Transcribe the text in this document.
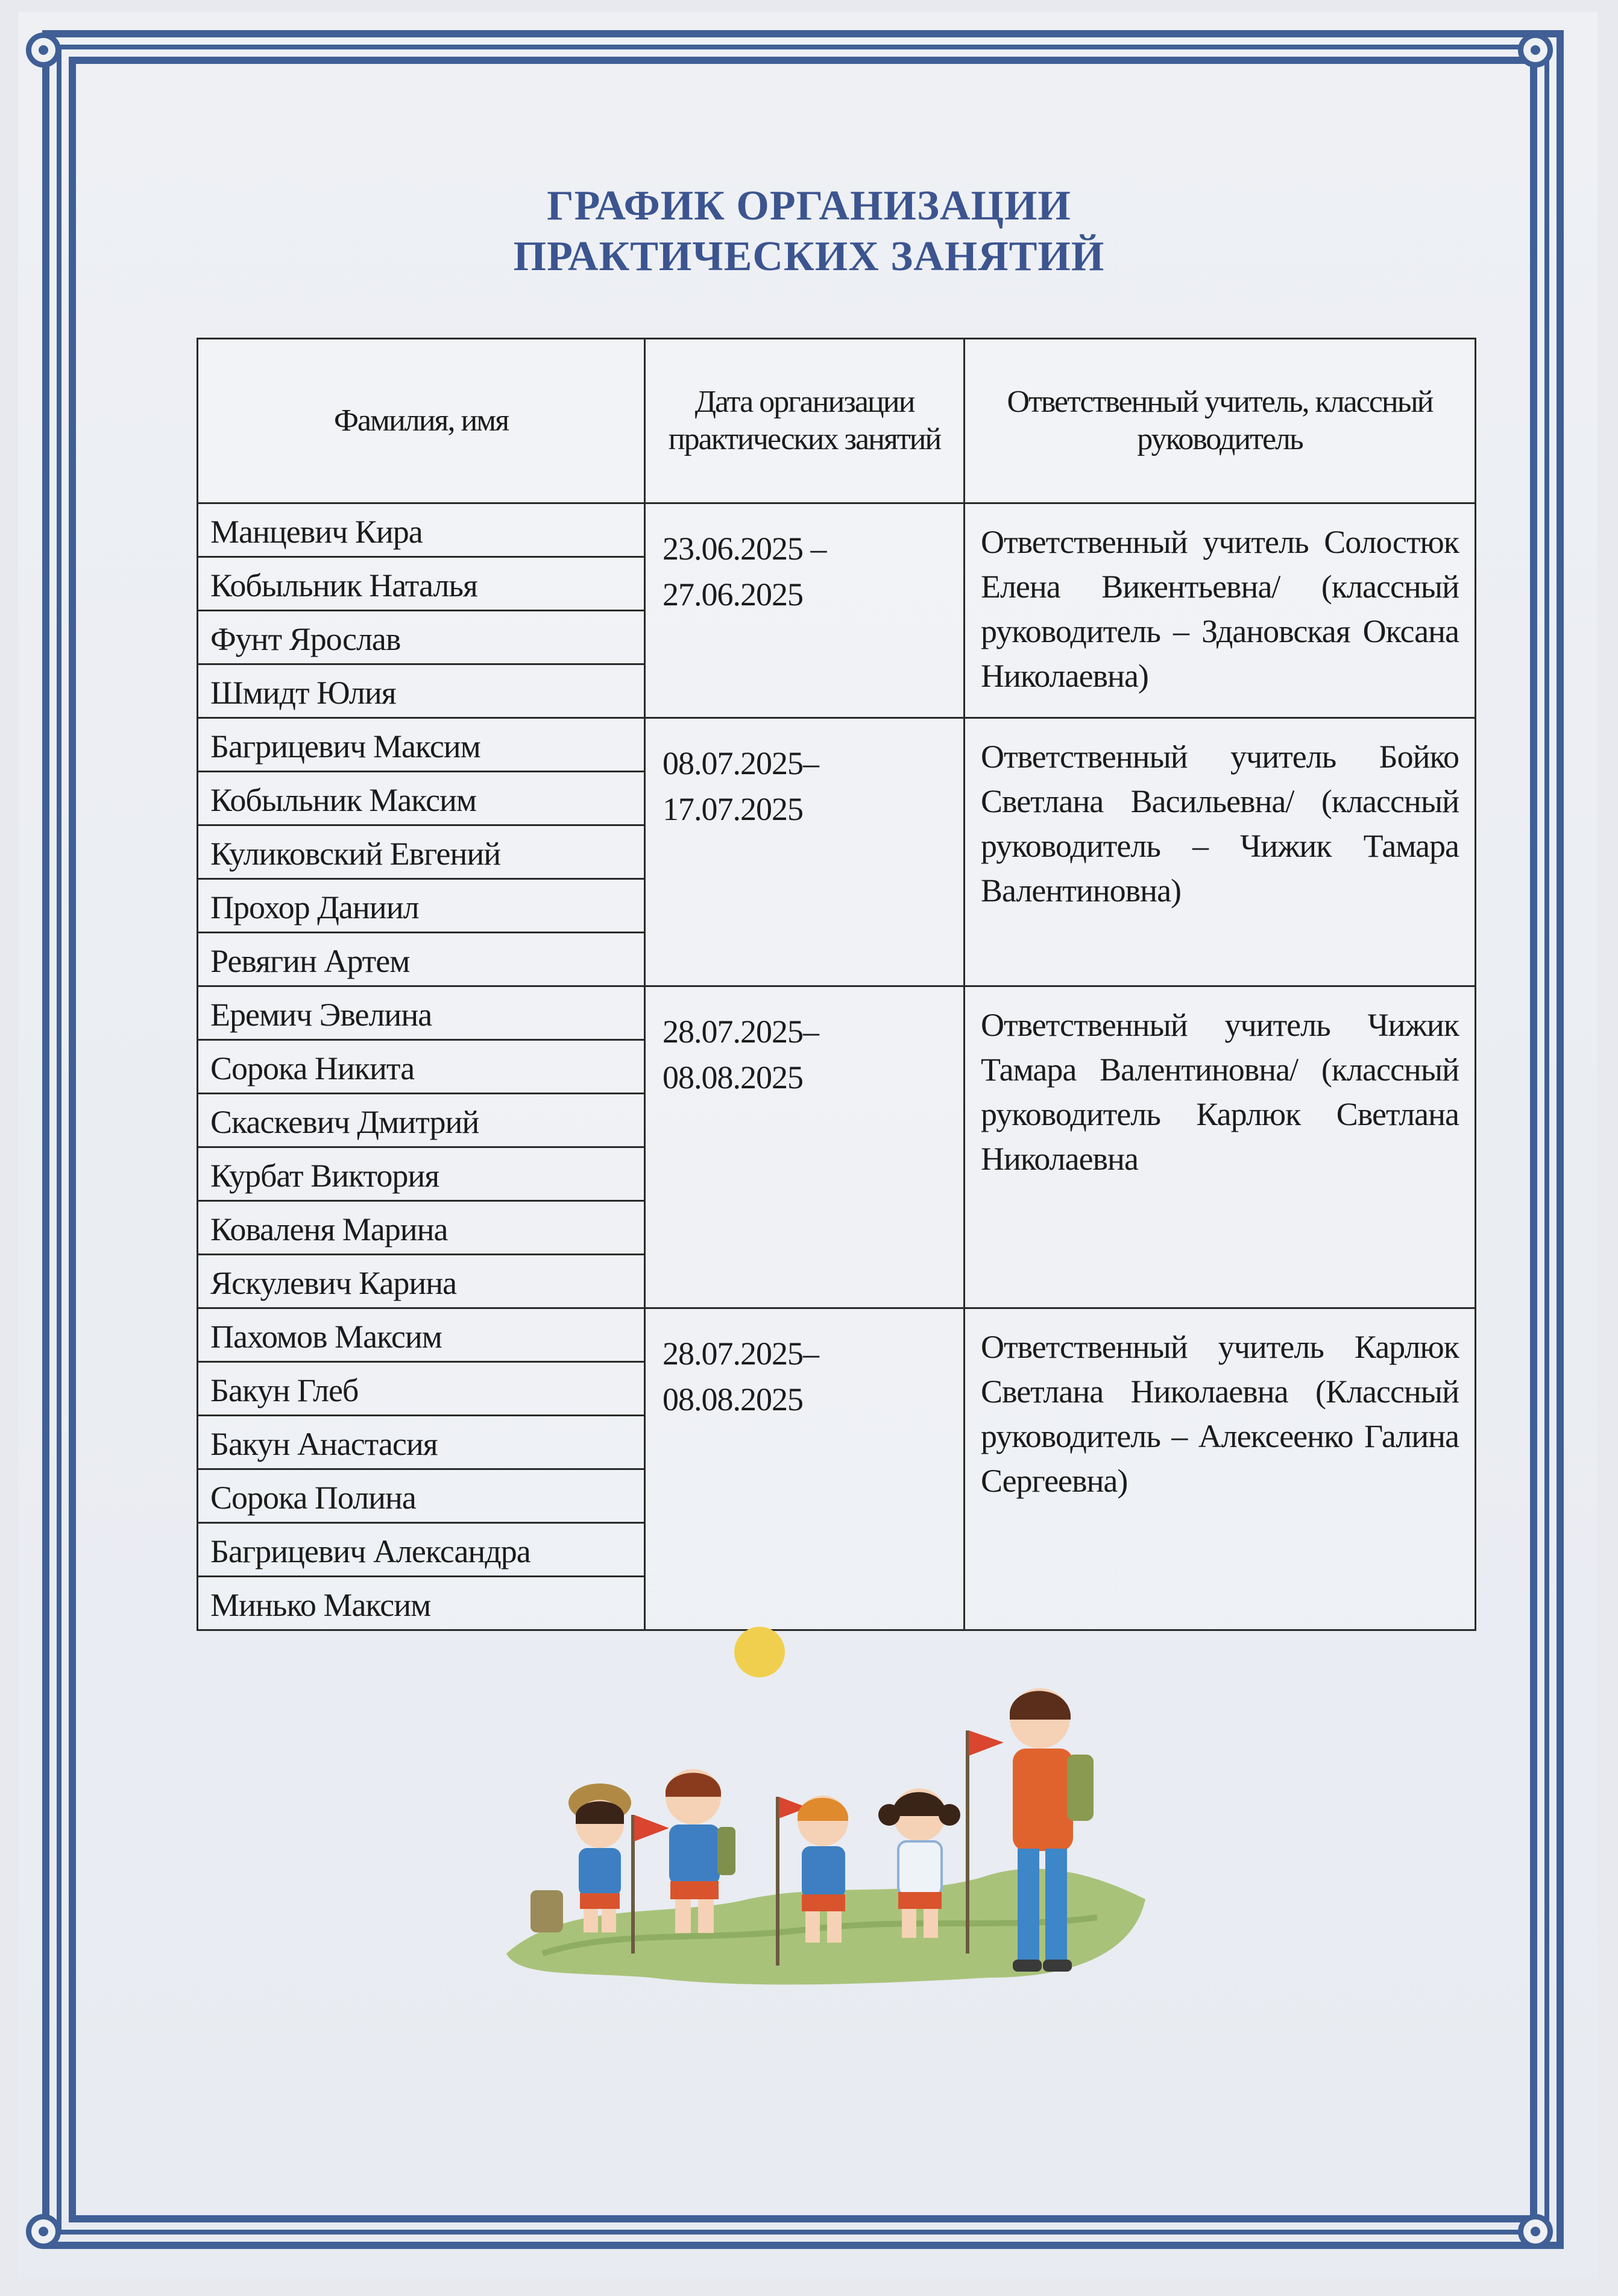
ГРАФИК ОРГАНИЗАЦИИ
ПРАКТИЧЕСКИХ ЗАНЯТИЙ
Фамилия, имя	Дата организации практических занятий	Ответственный учитель, классный руководитель
Манцевич Кира	23.06.2025 – 27.06.2025	Ответственный учитель Солостюк Елена Викентьевна/ (классный руководитель – Здановская Оксана Николаевна)
Кобыльник Наталья		
Фунт Ярослав		
Шмидт Юлия		
Багрицевич Максим	08.07.2025– 17.07.2025	Ответственный учитель Бойко Светлана Васильевна/ (классный руководитель – Чижик Тамара Валентиновна)
Кобыльник Максим		
Куликовский Евгений		
Прохор Даниил		
Ревягин Артем		
Еремич Эвелина	28.07.2025– 08.08.2025	Ответственный учитель Чижик Тамара Валентиновна/ (классный руководитель Карлюк Светлана Николаевна
Сорока Никита		
Скаскевич Дмитрий		
Курбат Виктория		
Коваленя Марина		
Яскулевич Карина		
Пахомов Максим	28.07.2025– 08.08.2025	Ответственный учитель Карлюк Светлана Николаевна (Классный руководитель – Алексеенко Галина Сергеевна)
Бакун Глеб		
Бакун Анастасия		
Сорока Полина		
Багрицевич Александра		
Минько Максим		
